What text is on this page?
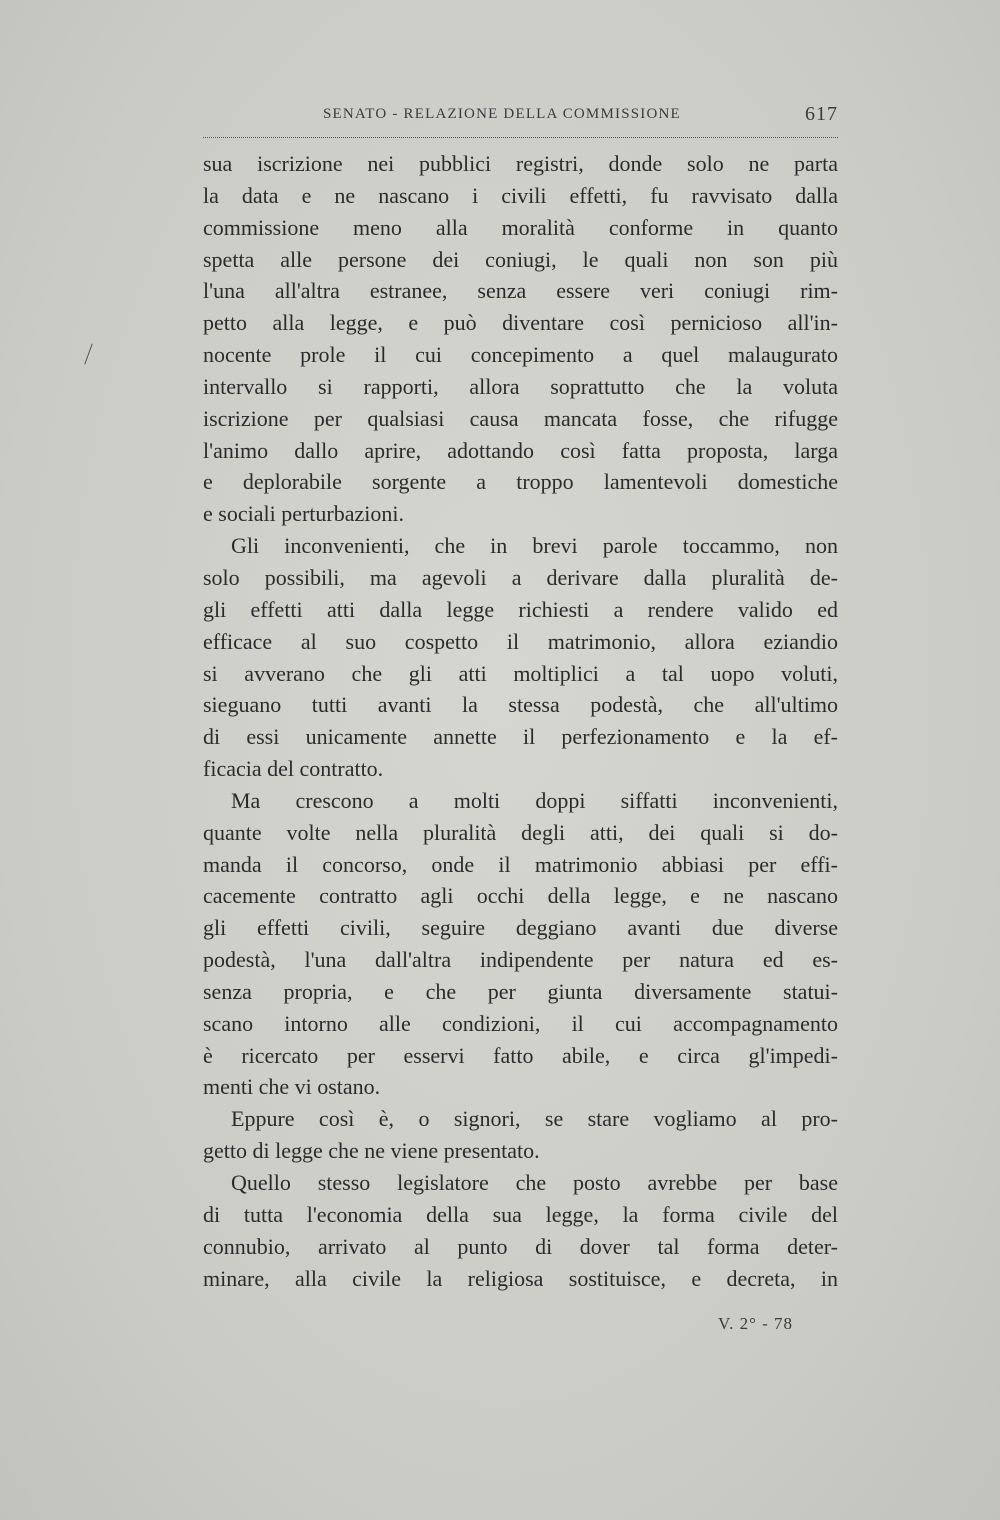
SENATO - RELAZIONE DELLA COMMISSIONE	617
sua iscrizione nei pubblici registri, donde solo ne parta
la data e ne nascano i civili effetti, fu ravvisato dalla
commissione meno alla moralità conforme in quanto
spetta alle persone dei coniugi, le quali non son più
l'una all'altra estranee, senza essere veri coniugi rim-
petto alla legge, e può diventare così pernicioso all'in-
nocente prole il cui concepimento a quel malaugurato
intervallo si rapporti, allora soprattutto che la voluta
iscrizione per qualsiasi causa mancata fosse, che rifugge
l'animo dallo aprire, adottando così fatta proposta, larga
e deplorabile sorgente a troppo lamentevoli domestiche
e sociali perturbazioni.
Gli inconvenienti, che in brevi parole toccammo, non
solo possibili, ma agevoli a derivare dalla pluralità de-
gli effetti atti dalla legge richiesti a rendere valido ed
efficace al suo cospetto il matrimonio, allora eziandio
si avverano che gli atti moltiplici a tal uopo voluti,
sieguano tutti avanti la stessa podestà, che all'ultimo
di essi unicamente annette il perfezionamento e la ef-
ficacia del contratto.
Ma crescono a molti doppi siffatti inconvenienti,
quante volte nella pluralità degli atti, dei quali si do-
manda il concorso, onde il matrimonio abbiasi per effi-
cacemente contratto agli occhi della legge, e ne nascano
gli effetti civili, seguire deggiano avanti due diverse
podestà, l'una dall'altra indipendente per natura ed es-
senza propria, e che per giunta diversamente statui-
scano intorno alle condizioni, il cui accompagnamento
è ricercato per esservi fatto abile, e circa gl'impedi-
menti che vi ostano.
Eppure così è, o signori, se stare vogliamo al pro-
getto di legge che ne viene presentato.
Quello stesso legislatore che posto avrebbe per base
di tutta l'economia della sua legge, la forma civile del
connubio, arrivato al punto di dover tal forma deter-
minare, alla civile la religiosa sostituisce, e decreta, in
V. 2° - 78
